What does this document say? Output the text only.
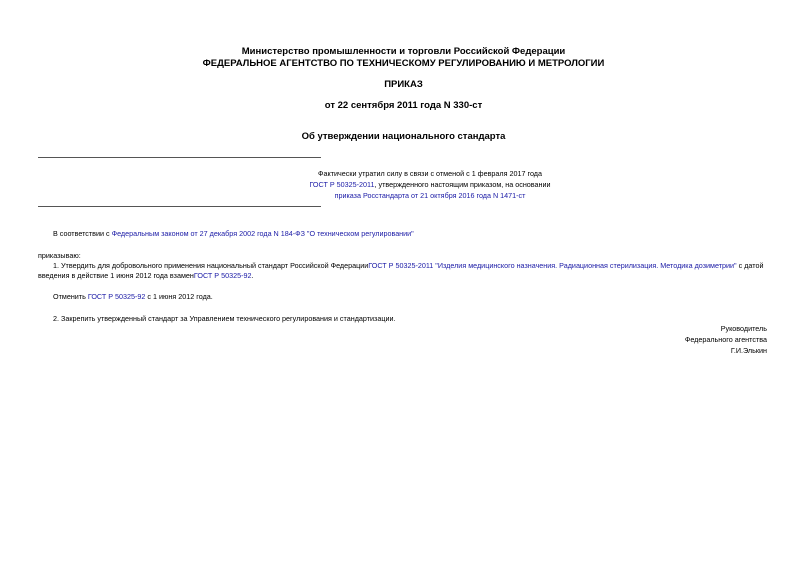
Министерство промышленности и торговли Российской Федерации
ФЕДЕРАЛЬНОЕ АГЕНТСТВО ПО ТЕХНИЧЕСКОМУ РЕГУЛИРОВАНИЮ И МЕТРОЛОГИИ
ПРИКАЗ
от 22 сентября 2011 года N 330-ст
Об утверждении национального стандарта
Фактически утратил силу в связи с отменой с 1 февраля 2017 года
ГОСТ Р 50325-2011, утвержденного настоящим приказом, на основании
приказа Росстандарта от 21 октября 2016 года N 1471-ст
В соответствии с Федеральным законом от 27 декабря 2002 года N 184-ФЗ "О техническом регулировании"
приказываю:
1. Утвердить для добровольного применения национальный стандарт Российской ФедерацииГОСТ Р 50325-2011 "Изделия медицинского назначения. Радиационная стерилизация. Методика дозиметрии" с датой
введения в действие 1 июня 2012 года взаменГОСТ Р 50325-92.
Отменить ГОСТ Р 50325-92 с 1 июня 2012 года.
2. Закрепить утвержденный стандарт за Управлением технического регулирования и стандартизации.
Руководитель
Федерального агентства
Г.И.Элькин
